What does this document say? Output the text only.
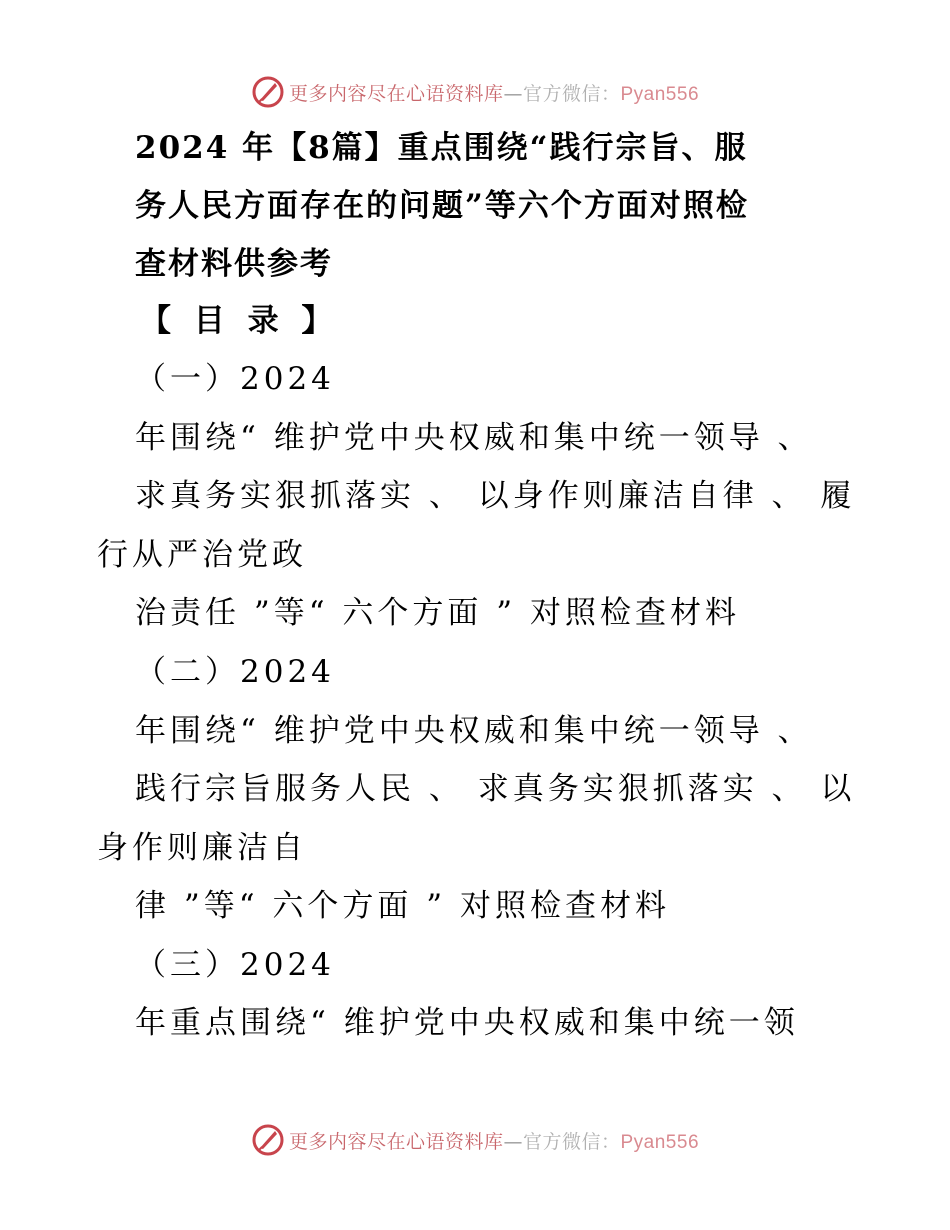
更多内容尽在心语资料库—官方微信：Pyan556
2024 年【8篇】重点围绕“践行宗旨、服
务人民方面存在的问题”等六个方面对照检
查材料供参考
【 目 录 】
（一）2024
年围绕“ 维护党中央权威和集中统一领导 、
求真务实狠抓落实 、 以身作则廉洁自律 、 履
行从严治党政
治责任 ”等“ 六个方面 ” 对照检查材料
（二）2024
年围绕“ 维护党中央权威和集中统一领导 、
践行宗旨服务人民 、 求真务实狠抓落实 、 以
身作则廉洁自
律 ”等“ 六个方面 ” 对照检查材料
（三）2024
年重点围绕“ 维护党中央权威和集中统一领
更多内容尽在心语资料库—官方微信：Pyan556
